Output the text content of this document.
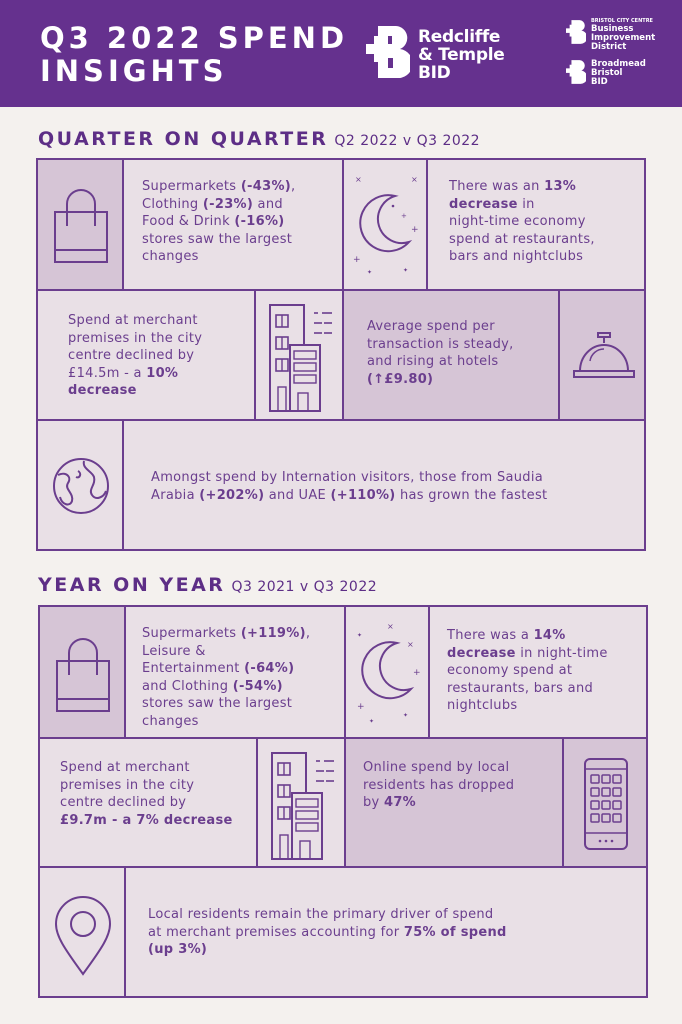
Q3 2022 SPEND
INSIGHTS
Redcliffe
& Temple
BID
BRISTOL CITY CENTRE
Business
Improvement
District
Broadmead
Bristol
BID
QUARTER ON QUARTER Q2 2022 v Q3 2022
Supermarkets (-43%),
Clothing (-23%) and
Food & Drink (-16%)
stores saw the largest
changes
×	×
+
+
+
✦	✦
There was an 13%
decrease in
night-time economy
spend at restaurants,
bars and nightclubs
Spend at merchant
premises in the city
centre declined by
£14.5m - a 10%
decrease
Average spend per
transaction is steady,
and rising at hotels
(↑£9.80)
Amongst spend by Internation visitors, those from Saudia
Arabia (+202%) and UAE (+110%) has grown the fastest
YEAR ON YEAR Q3 2021 v Q3 2022
Supermarkets (+119%),
Leisure &
Entertainment (-64%)
and Clothing (-54%)
stores saw the largest
changes
×
×
+
+
✦
✦
✦	There was a 14%
decrease in night-time
economy spend at
restaurants, bars and
nightclubs
Spend at merchant
premises in the city
centre declined by
£9.7m - a 7% decrease
Online spend by local
residents has dropped
by 47%
Local residents remain the primary driver of spend
at merchant premises accounting for 75% of spend
(up 3%)
